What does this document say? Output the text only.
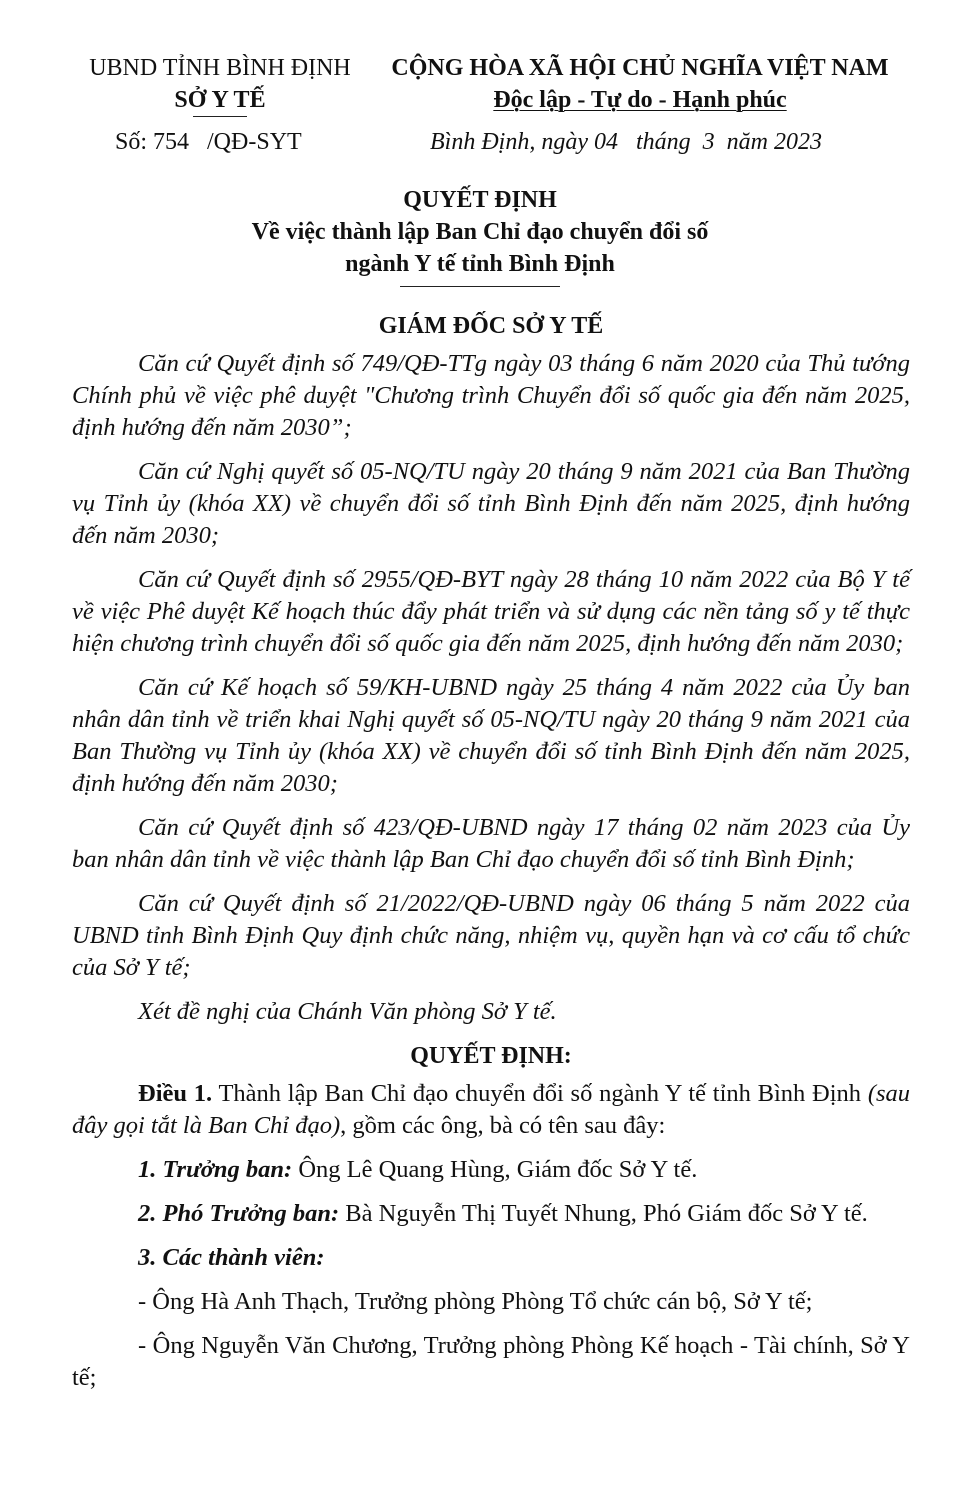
UBND TỈNH BÌNH ĐỊNH
SỞ Y TẾ
CỘNG HÒA XÃ HỘI CHỦ NGHĨA VIỆT NAM
Độc lập - Tự do - Hạnh phúc
Số: 754   /QĐ-SYT	Bình Định, ngày 04   tháng  3  năm 2023
QUYẾT ĐỊNH
Về việc thành lập Ban Chỉ đạo chuyển đổi số
ngành Y tế tỉnh Bình Định
GIÁM ĐỐC SỞ Y TẾ

Căn cứ Quyết định số 749/QĐ-TTg ngày 03 tháng 6 năm 2020 của Thủ tướng Chính phủ về việc phê duyệt "Chương trình Chuyển đổi số quốc gia đến năm 2025, định hướng đến năm 2030”;

Căn cứ Nghị quyết số 05-NQ/TU ngày 20 tháng 9 năm 2021 của Ban Thường vụ Tỉnh ủy (khóa XX) về chuyển đổi số tỉnh Bình Định đến năm 2025, định hướng đến năm 2030;

Căn cứ Quyết định số 2955/QĐ-BYT ngày 28 tháng 10 năm 2022 của Bộ Y tế về việc Phê duyệt Kế hoạch thúc đẩy phát triển và sử dụng các nền tảng số y tế thực hiện chương trình chuyển đổi số quốc gia đến năm 2025, định hướng đến năm 2030;

Căn cứ Kế hoạch số 59/KH-UBND ngày 25 tháng 4 năm 2022 của Ủy ban nhân dân tỉnh về triển khai Nghị quyết số 05-NQ/TU ngày 20 tháng 9 năm 2021 của Ban Thường vụ Tỉnh ủy (khóa XX) về chuyển đổi số tỉnh Bình Định đến năm 2025, định hướng đến năm 2030;

Căn cứ Quyết định số 423/QĐ-UBND ngày 17 tháng 02 năm 2023 của Ủy ban nhân dân tỉnh về việc thành lập Ban Chỉ đạo chuyển đổi số tỉnh Bình Định;

Căn cứ Quyết định số 21/2022/QĐ-UBND ngày 06 tháng 5 năm 2022 của UBND tỉnh Bình Định Quy định chức năng, nhiệm vụ, quyền hạn và cơ cấu tổ chức của Sở Y tế;

Xét đề nghị của Chánh Văn phòng Sở Y tế.

QUYẾT ĐỊNH:

Điều 1. Thành lập Ban Chỉ đạo chuyển đổi số ngành Y tế tỉnh Bình Định (sau đây gọi tắt là Ban Chỉ đạo), gồm các ông, bà có tên sau đây:

1. Trưởng ban: Ông Lê Quang Hùng, Giám đốc Sở Y tế.

2. Phó Trưởng ban: Bà Nguyễn Thị Tuyết Nhung, Phó Giám đốc Sở Y tế.

3. Các thành viên:

- Ông Hà Anh Thạch, Trưởng phòng Phòng Tổ chức cán bộ, Sở Y tế;

- Ông Nguyễn Văn Chương, Trưởng phòng Phòng Kế hoạch - Tài chính, Sở Y tế;
